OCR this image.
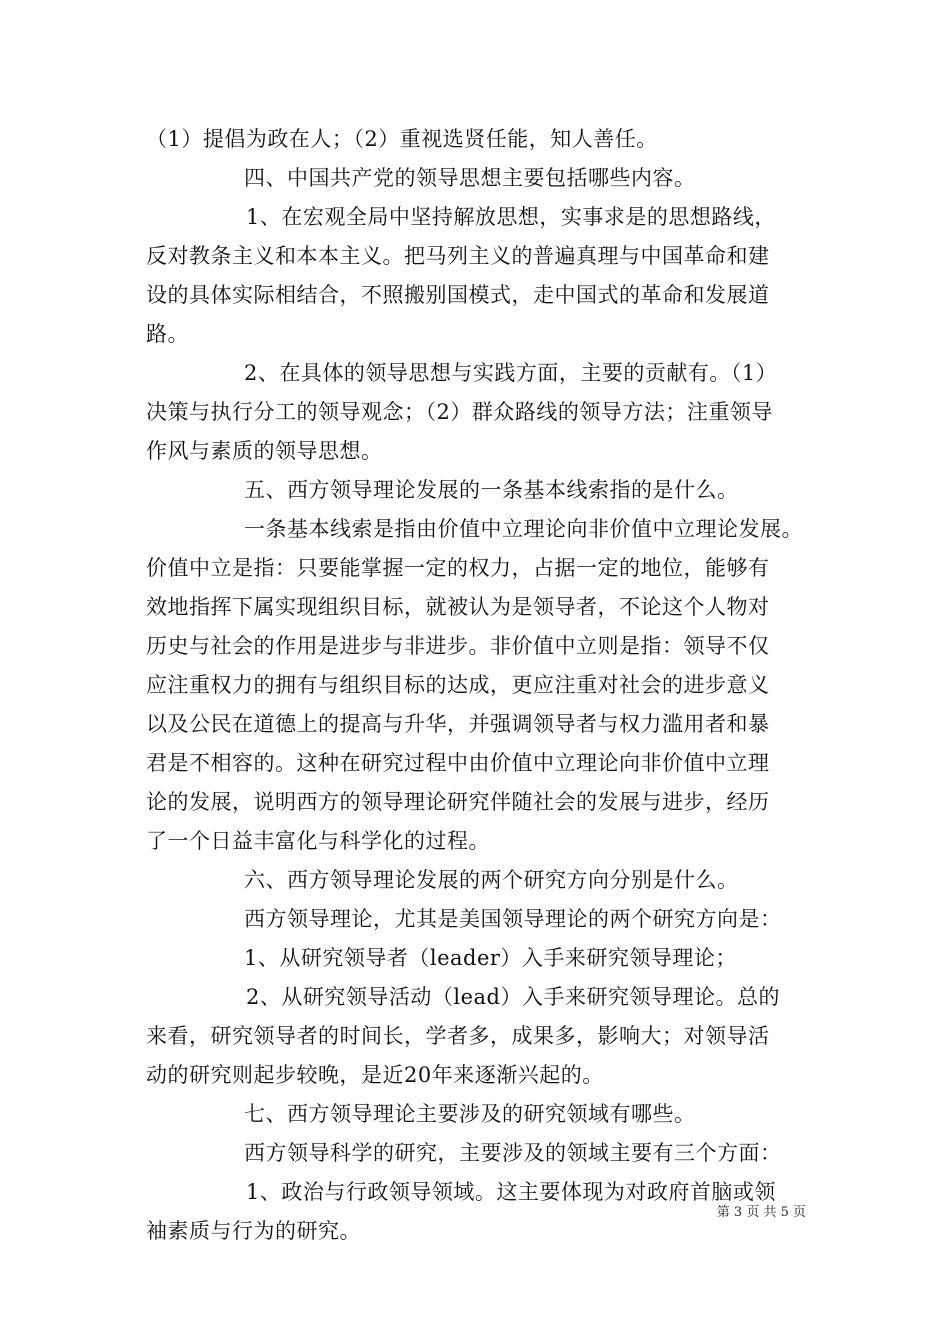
（1）提倡为政在人；（2）重视选贤任能，知人善任。
四、中国共产党的领导思想主要包括哪些内容。
1、在宏观全局中坚持解放思想，实事求是的思想路线，
反对教条主义和本本主义。把马列主义的普遍真理与中国革命和建
设的具体实际相结合，不照搬别国模式，走中国式的革命和发展道
路。
2、在具体的领导思想与实践方面，主要的贡献有。（1）
决策与执行分工的领导观念；（2）群众路线的领导方法；注重领导
作风与素质的领导思想。
五、西方领导理论发展的一条基本线索指的是什么。
一条基本线索是指由价值中立理论向非价值中立理论发展。
价值中立是指：只要能掌握一定的权力，占据一定的地位，能够有
效地指挥下属实现组织目标，就被认为是领导者，不论这个人物对
历史与社会的作用是进步与非进步。非价值中立则是指：领导不仅
应注重权力的拥有与组织目标的达成，更应注重对社会的进步意义
以及公民在道德上的提高与升华，并强调领导者与权力滥用者和暴
君是不相容的。这种在研究过程中由价值中立理论向非价值中立理
论的发展，说明西方的领导理论研究伴随社会的发展与进步，经历
了一个日益丰富化与科学化的过程。
六、西方领导理论发展的两个研究方向分别是什么。
西方领导理论，尤其是美国领导理论的两个研究方向是：
1、从研究领导者（leader）入手来研究领导理论；
2、从研究领导活动（lead）入手来研究领导理论。总的
来看，研究领导者的时间长，学者多，成果多，影响大；对领导活
动的研究则起步较晚，是近20年来逐渐兴起的。
七、西方领导理论主要涉及的研究领域有哪些。
西方领导科学的研究，主要涉及的领域主要有三个方面：
1、政治与行政领导领域。这主要体现为对政府首脑或领
袖素质与行为的研究。
第 3 页 共 5 页
